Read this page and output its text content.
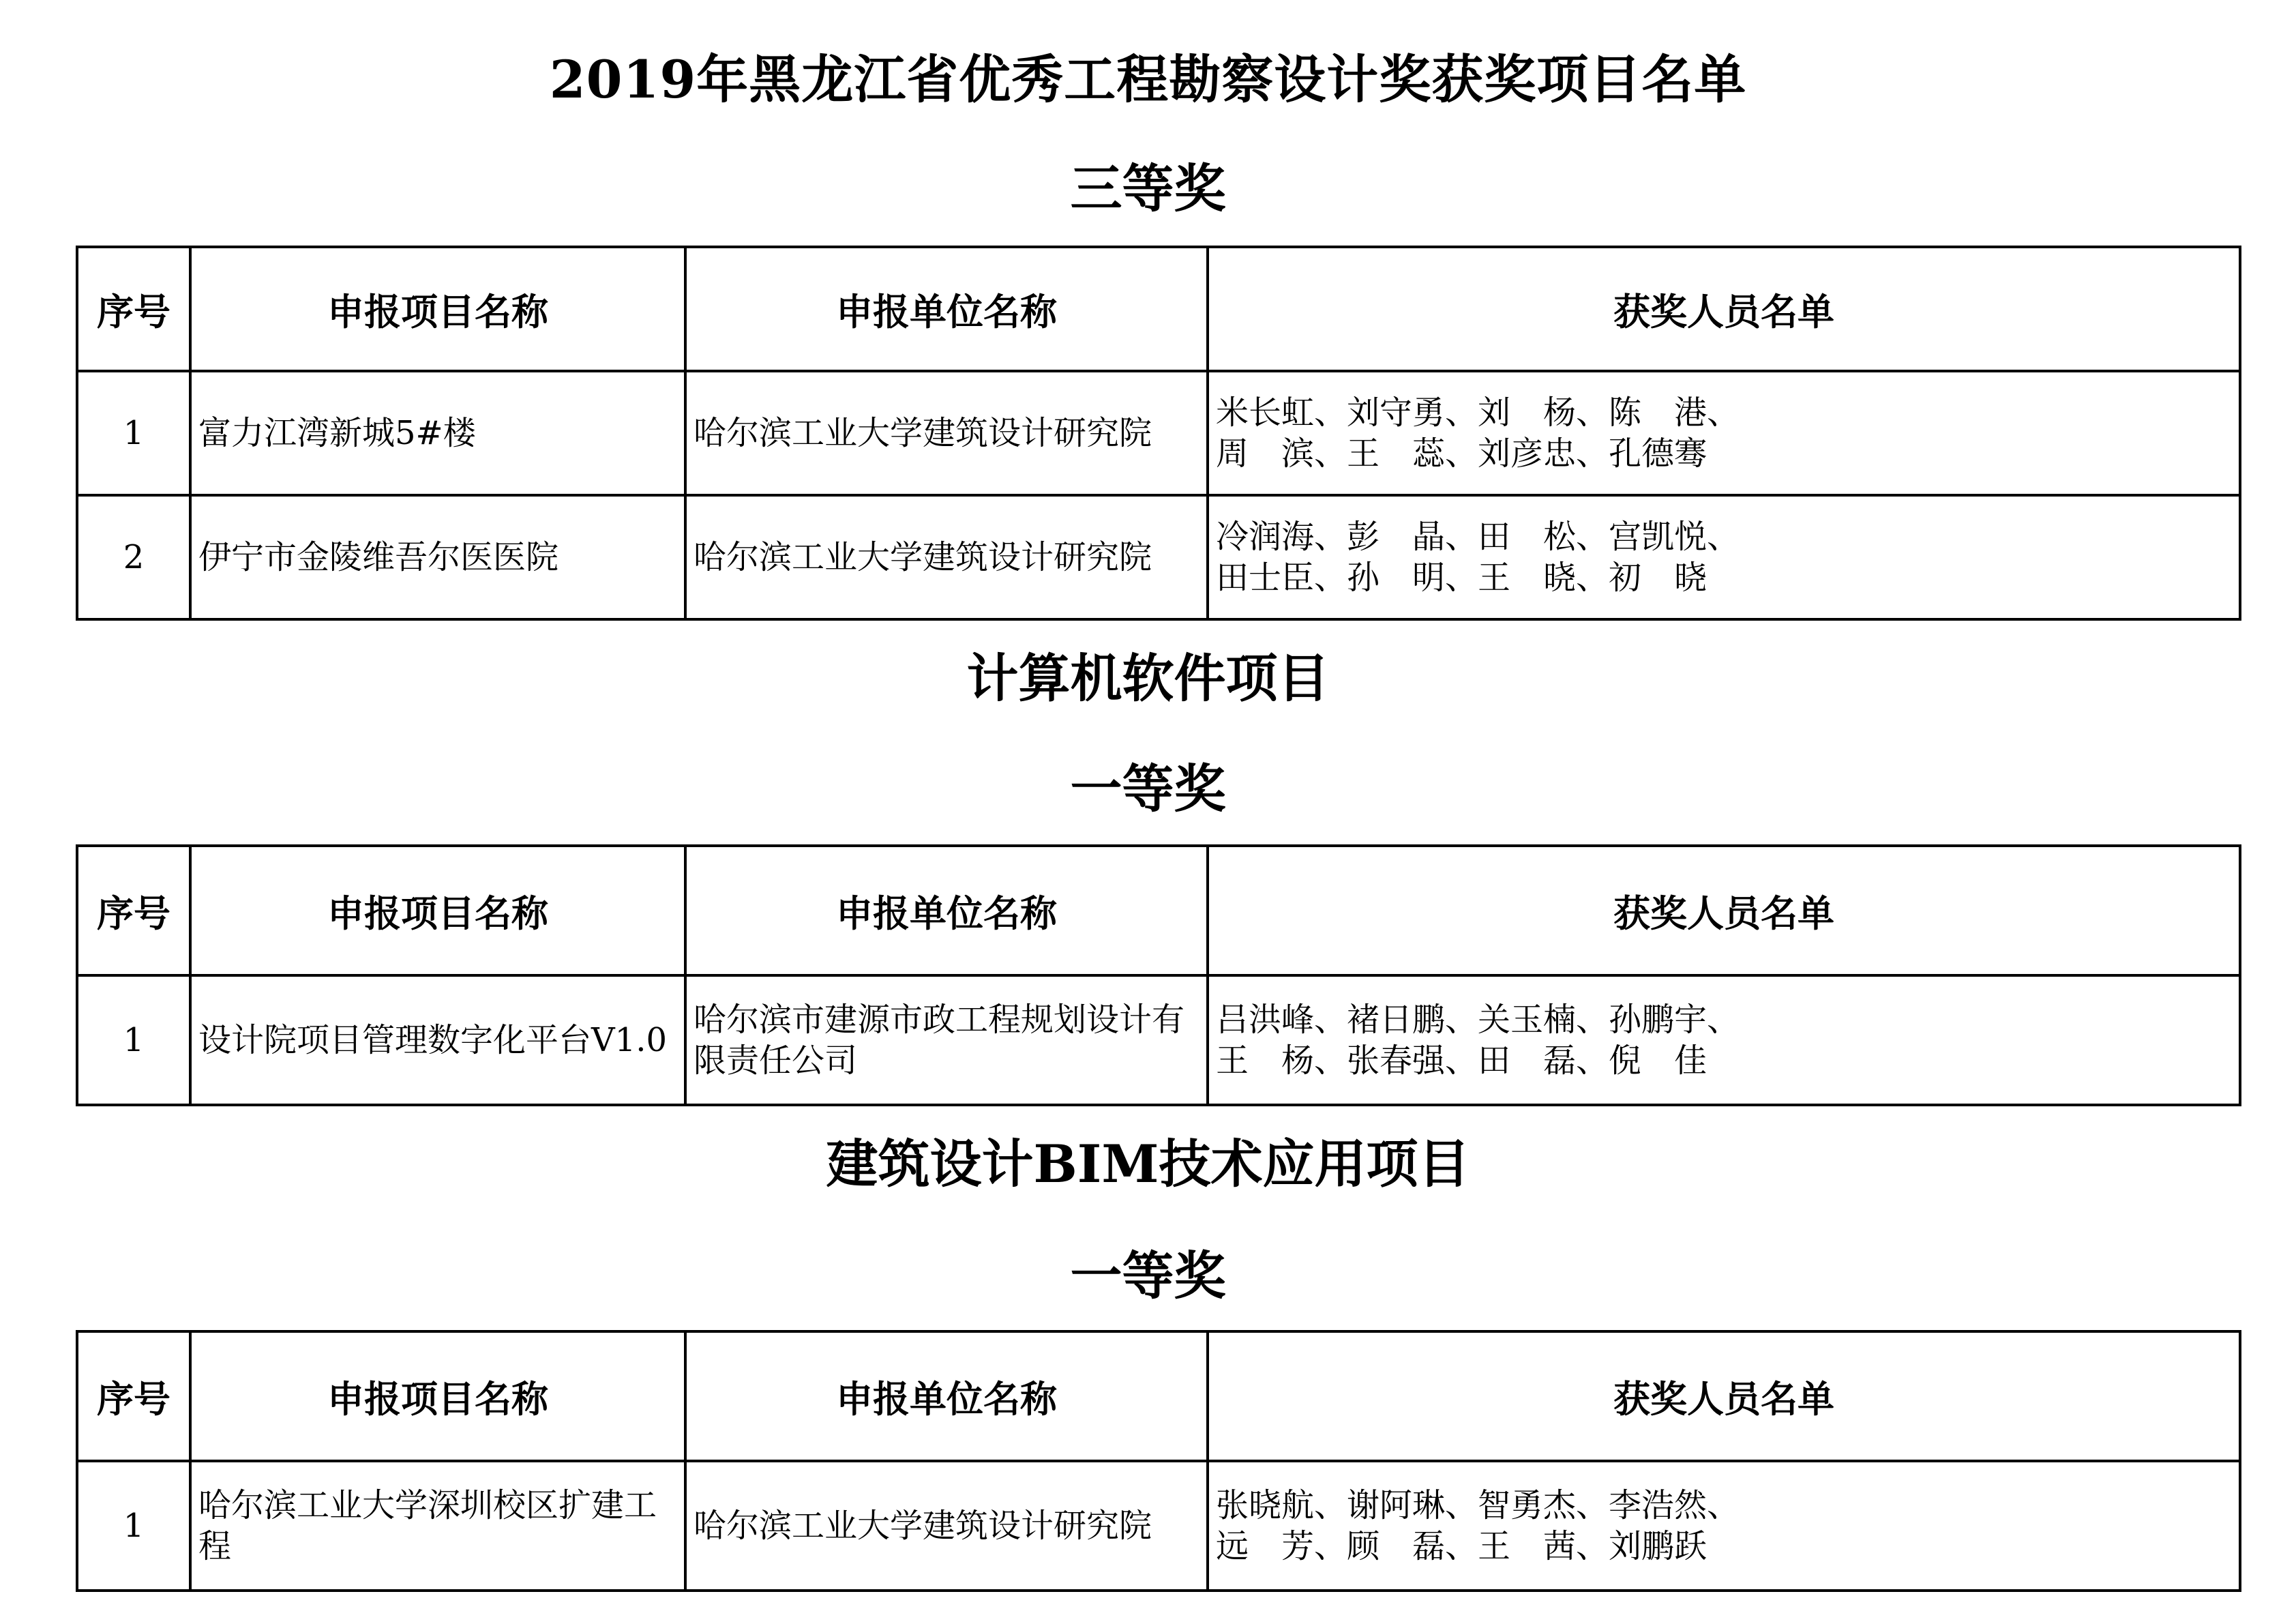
2019年黑龙江省优秀工程勘察设计奖获奖项目名单
三等奖
序号	申报项目名称	申报单位名称	获奖人员名单
1	富力江湾新城5#楼	哈尔滨工业大学建筑设计研究院	米长虹、刘守勇、刘　杨、陈　港、
周　滨、王　蕊、刘彦忠、孔德骞

2	伊宁市金陵维吾尔医医院	哈尔滨工业大学建筑设计研究院	冷润海、彭　晶、田　松、宫凯悦、
田士臣、孙　明、王　晓、初　晓
计算机软件项目
一等奖
序号	申报项目名称	申报单位名称	获奖人员名单
1	设计院项目管理数字化平台V1.0	哈尔滨市建源市政工程规划设计有
限责任公司	吕洪峰、褚日鹏、关玉楠、孙鹏宇、
王　杨、张春强、田　磊、倪　佳
建筑设计BIM技术应用项目
一等奖
序号	申报项目名称	申报单位名称	获奖人员名单
1	哈尔滨工业大学深圳校区扩建工
程	哈尔滨工业大学建筑设计研究院	张晓航、谢阿琳、智勇杰、李浩然、
远　芳、顾　磊、王　茜、刘鹏跃
